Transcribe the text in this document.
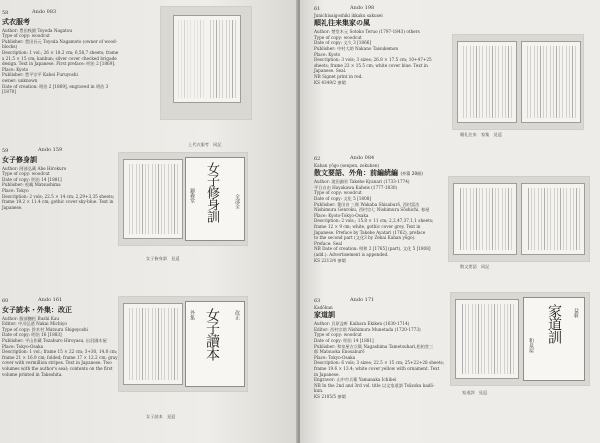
58	Ando 083
式衣服考
Author: 豊田秋園 Toyoda Nagatou
Type of copy: woodcut
Publisher: 豊田長元 Toyoda Nagamoto (owner of wood-
blocks)
Description: 1 vol.; 26 × 18.2 cm; 6,58,7 sheets; frame
x 21.5 × 15 cm; kanbun; silver cover checked brigade
design. Text in Japanese. First preface: 明治 2 [1869].
Place: Kyoto
Publisher: 豊平宗平 Kahei Furuyoshi
owner: unknown
Date of creation: 明治 2 [1869], engraved in 明治 3
[1870]
上代衣服考　同記
59	Ando 159
女子修身訓
Author: 阿部弘蔵 Abe Hirokuro
Type of copy: woodcut
Date of copy: 明治 14 [1881]
Publisher: 松嶋 Matsushima
Place: Tokyo
Description: 2 vols; 22.5 × 14 cm; 2,29+3,35 sheets;
frame 19.2 × 11.4 cm; gothic cover sky-blue. Text in
Japanese.	女子修身訓	全部全
錦森堂
女子修身訓　見返
60	Ando 161
女子読本・外集：改正
Author: 服部撫松 Bushi Kau
Editor: 中川弘道 Nakai Michiyo
Type of copy: 鈴木村 Matsura Shigeyoshi
Date of copy: 明治 16 [1883]
Publisher: 平山作蔵 Tozaburo Hiroyasu, 出羽國木屋
Place: Tokyo-Osaka
Description: 1 vol.; frame 15 × 22 cm; 3+30, 14.8 cm;
frame 21 × 16.9 cm; folded; frame 17 × 12.2 cm; gray
cover with vermillion stripes. Text in Japanese. Two
volumes with the author's seal; contents on the first
volume printed in Takeshita.
女子讀本	改正
外集
女子読本　見返
61	Ando 198
Junichisaigoshiki ikkaku sakusei
順礼往来集家の風
Author: 楚堂木元 Sotoko Teruo (1797-1843) others
Type of copy: woodcut
Date of copy: 文久 3 [1866]
Publisher: 中村大助 Nakano Taisukemon
Place: Kyoto
Description: 3 vols; 3 sizes; 26.8 × 17.5 cm; 10+47+25
sheets; frame 23 × 15.5 cm; white cover blue. Text in
Japanese. Seal.
NB Signet print in red.
KS 4349/2 参閲
順礼往来　家集　見返
62	Ando 084
Kaban yōgo (senpen, zokuhen)
散文要語、外角：前編続編 (外篇 20冊)
Author: 滝田錦栄 Takehe Kyanari (1733-1774)
平日自由 Hayakawa Kaheis (1777-1830)
Type of copy: woodcut
Date of copy: 文化 5 [1808]
Publisher: 葉田音 三郎 Wakaba Shisaburō, 西村富次
Nishimura Genroku, 西村宗七 Nishimura Sōshichi, 春屋
Place: Kyoto-Tokyo-Osaka
Description: 2 vols.; 15.8 × 11 cm; 2,2,47,37,1,1 sheets;
frame 12 × 9 cm; white, gothic cover grey. Text in
Japanese. Preface by Takebe Ayatari (1762), preface
to the second part (文化3 by Zekai Kahan yōgo).
Preface: Seal
NB Date of creation: 明和 2 [1765] (part), 文化 5 [1808]
(add.). Advertisement is appended.
KS 2212/4 参閲
散文要語　同記
63	Ando 171
Kadōkun
家道訓
Author: 貝原益軒 Kaibara Ekiken (1630-1714)
Editor: 西村宗助 Nishimura Munetada (1720-1773)
Type of copy: woodcut
Date of copy: 明治 14 [1881]
Publisher: 和泉屋吉兵衛 Nagashima Tametsuhari,松柏堂三
郎 Matsuoka Enosaburō
Place: Tokyo-Osaka
Description: 6 vols; 3 sizes; 22.5 × 15 cm; 25+22+28 sheets;
frame 19.6 × 13.4; white cover yellow with ornament. Text
in Japanese.
Engraver: 山中市兵衛 Yamanaka Ichibei
NB In the 2nd and 3rd vol. title 以文家道訓 Tsūzoku kadō-
kun.
KS 2105/5 参閲
家道訓	益軒
和泉屋
家道訓　見返
